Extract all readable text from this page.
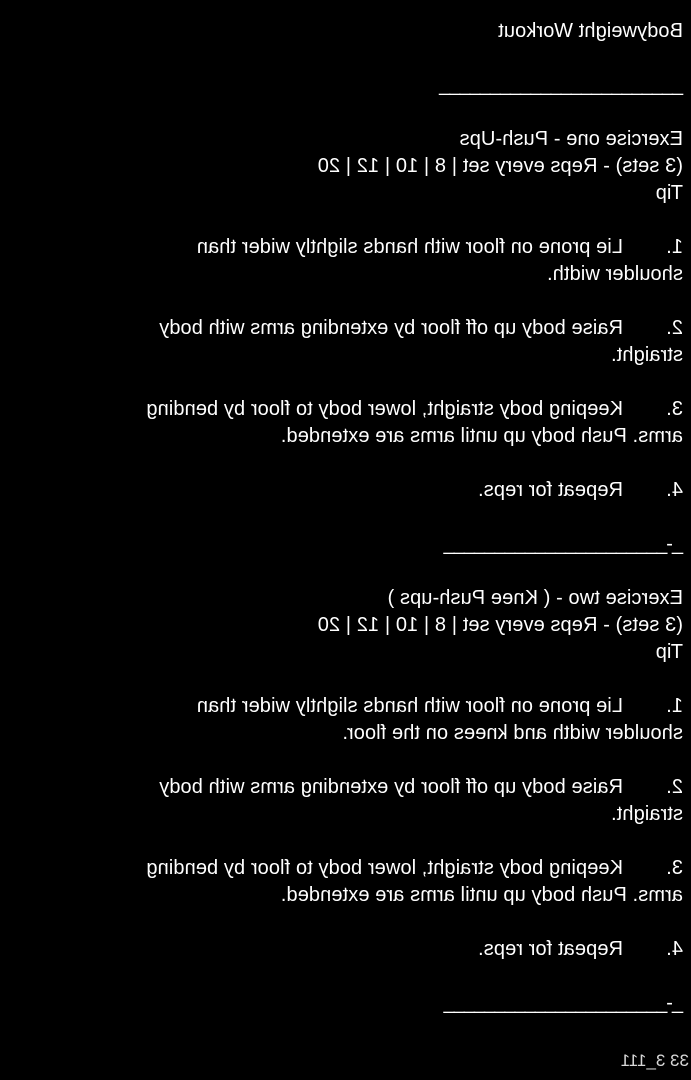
Bodyweight Workout
________________________
Exercise one - Push-Ups
(3 sets) - Reps every set | 8 | 10 | 12 | 20
Tip
1.Lie prone on floor with hands slightly wider than
shoulder width.
2.Raise body up off floor by extending arms with body
straight.
3.Keeping body straight, lower body to floor by bending
arms. Push body up until arms are extended.
4.Repeat for reps.
_-______________________
Exercise two - ( Knee Push-ups )
(3 sets) - Reps every set | 8 | 10 | 12 | 20
Tip
1.Lie prone on floor with hands slightly wider than
shoulder width and knees on the floor.
2.Raise body up off floor by extending arms with body
straight.
3.Keeping body straight, lower body to floor by bending
arms. Push body up until arms are extended.
4.Repeat for reps.
_-______________________
33 3_111
